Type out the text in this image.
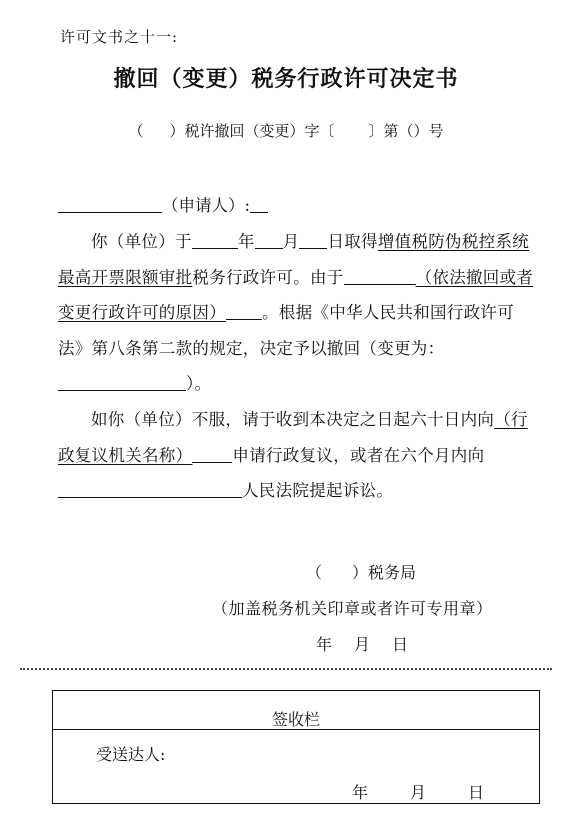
许可文书之十一:
撤回（变更）税务行政许可决定书
（ ）税许撤回（变更）字〔 〕第（）号
（申请人）:
你（单位）于	年 月 日取得增值税防伪税控系统最高开票限额审批税务行政许可。由于	（依法撤回或者变更行政许可的原因） 。根据《中华人民共和国行政许可法》第八条第二款的规定，决定予以撤回（变更为：）。
如你（单位）不服，请于收到本决定之日起六十日内向（行政复议机关名称） 申请行政复议，或者在六个月内向人民法院提起诉讼。
（ ）税务局
（加盖税务机关印章或者许可专用章）
年 月 日
签收栏
受送达人:
年	月	日
